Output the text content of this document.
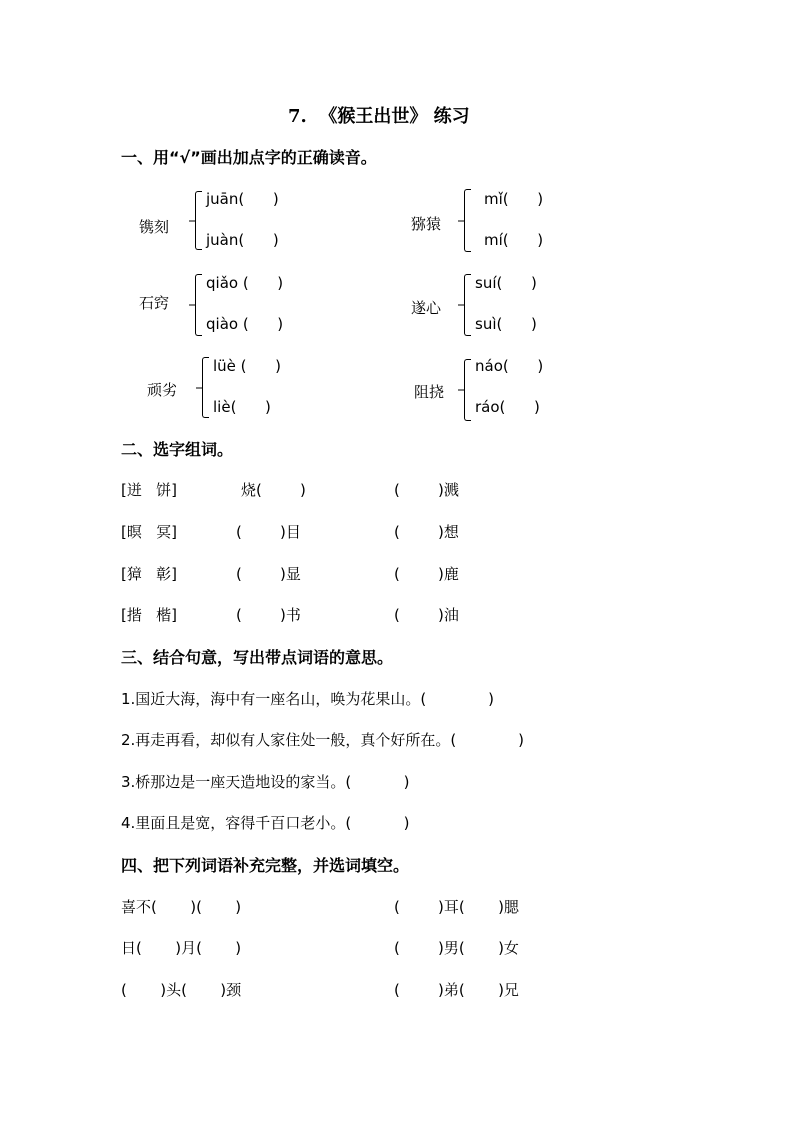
7.  《猴王出世》 练习
一、用“√”画出加点字的正确读音。
镌刻
juān(      )
juàn(      )
猕猿
mǐ(      )
mí(      )
石窍
qiǎo (      )
qiào (      )
遂心
suí(      )
suì(      )
顽劣
lüè (      )
liè(      )
阻挠
náo(      )
ráo(      )
二、选字组词。
[迸   饼]	烧(        )	(        )溅
[暝   冥]	(        )目	(        )想
[獐   彰]	(        )显	(        )鹿
[揩   楷]	(        )书	(        )油
三、结合句意，写出带点词语的意思。
1.国近大海，海中有一座名山，唤为花果山。(             )
2.再走再看，却似有人家住处一般，真个好所在。(             )
3.桥那边是一座天造地设的家当。(           )
4.里面且是宽，容得千百口老小。(           )
四、把下列词语补充完整，并选词填空。
喜不(       )(       )	(        )耳(       )腮
日(       )月(       )	(        )男(       )女
(       )头(       )颈	(        )弟(       )兄
